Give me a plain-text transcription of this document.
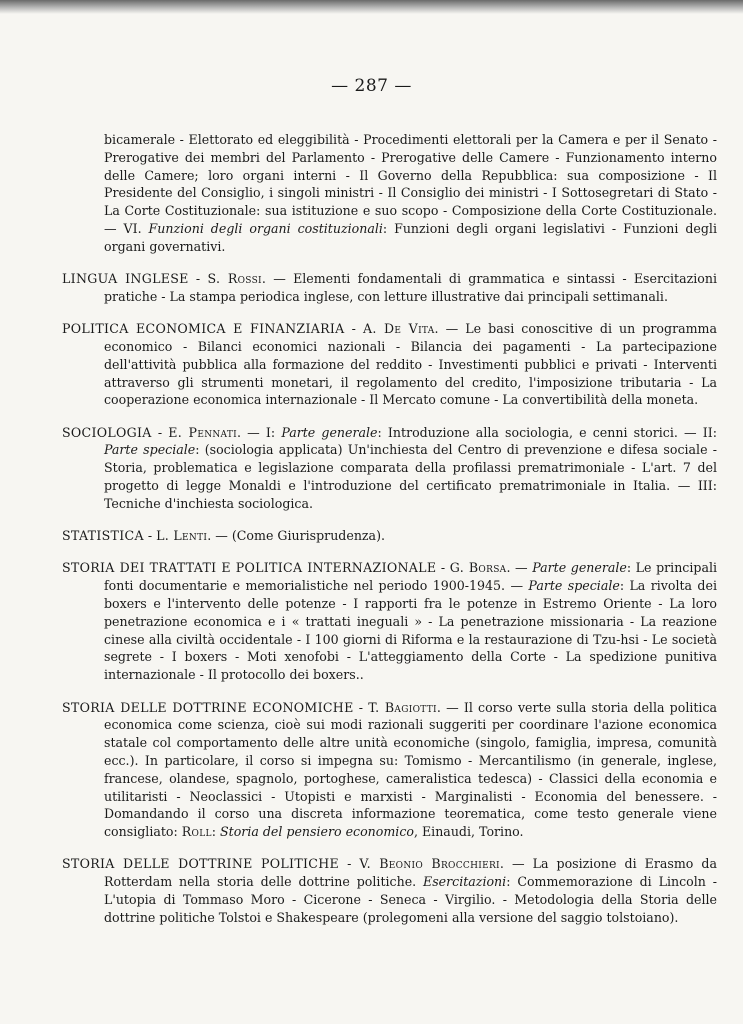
— 287 —

bicamerale - Elettorato ed eleggibilità - Procedimenti elettorali per la Camera e per il Senato - Prerogative dei membri del Parlamento - Prerogative delle Camere - Funzionamento interno delle Camere; loro organi interni - Il Governo della Repubblica: sua composizione - Il Presidente del Consiglio, i singoli ministri - Il Consiglio dei ministri - I Sottosegretari di Stato - La Corte Costituzionale: sua istituzione e suo scopo - Composizione della Corte Costituzionale. — VI. Funzioni degli organi costituzionali: Funzioni degli organi legislativi - Funzioni degli organi governativi.

LINGUA INGLESE - S. Rossi. — Elementi fondamentali di grammatica e sintassi - Esercitazioni pratiche - La stampa periodica inglese, con letture illustrative dai principali settimanali.

POLITICA ECONOMICA E FINANZIARIA - A. De Vita. — Le basi conoscitive di un programma economico - Bilanci economici nazionali - Bilancia dei pagamenti - La partecipazione dell'attività pubblica alla formazione del reddito - Investimenti pubblici e privati - Interventi attraverso gli strumenti monetari, il regolamento del credito, l'imposizione tributaria - La cooperazione economica internazionale - Il Mercato comune - La convertibilità della moneta.

SOCIOLOGIA - E. Pennati. — I: Parte generale: Introduzione alla sociologia, e cenni storici. — II: Parte speciale: (sociologia applicata) Un'inchiesta del Centro di prevenzione e difesa sociale - Storia, problematica e legislazione comparata della profilassi prematrimoniale - L'art. 7 del progetto di legge Monaldi e l'introduzione del certificato prematrimoniale in Italia. — III: Tecniche d'inchiesta sociologica.

STATISTICA - L. Lenti. — (Come Giurisprudenza).

STORIA DEI TRATTATI E POLITICA INTERNAZIONALE - G. Borsa. — Parte generale: Le principali fonti documentarie e memorialistiche nel periodo 1900-1945. — Parte speciale: La rivolta dei boxers e l'intervento delle potenze - I rapporti fra le potenze in Estremo Oriente - La loro penetrazione economica e i « trattati ineguali » - La penetrazione missionaria - La reazione cinese alla civiltà occidentale - I 100 giorni di Riforma e la restaurazione di Tzu-hsi - Le società segrete - I boxers - Moti xenofobi - L'atteggiamento della Corte - La spedizione punitiva internazionale - Il protocollo dei boxers..

STORIA DELLE DOTTRINE ECONOMICHE - T. Bagiotti. — Il corso verte sulla storia della politica economica come scienza, cioè sui modi razionali suggeriti per coordinare l'azione economica statale col comportamento delle altre unità economiche (singolo, famiglia, impresa, comunità ecc.). In particolare, il corso si impegna su: Tomismo - Mercantilismo (in generale, inglese, francese, olandese, spagnolo, portoghese, cameralistica tedesca) - Classici della economia e utilitaristi - Neoclassici - Utopisti e marxisti - Marginalisti - Economia del benessere. - Domandando il corso una discreta informazione teorematica, come testo generale viene consigliato: Roll: Storia del pensiero economico, Einaudi, Torino.

STORIA DELLE DOTTRINE POLITICHE - V. Beonio Brocchieri. — La posizione di Erasmo da Rotterdam nella storia delle dottrine politiche. Esercitazioni: Commemorazione di Lincoln - L'utopia di Tommaso Moro - Cicerone - Seneca - Virgilio. - Metodologia della Storia delle dottrine politiche Tolstoi e Shakespeare (prolegomeni alla versione del saggio tolstoiano).
